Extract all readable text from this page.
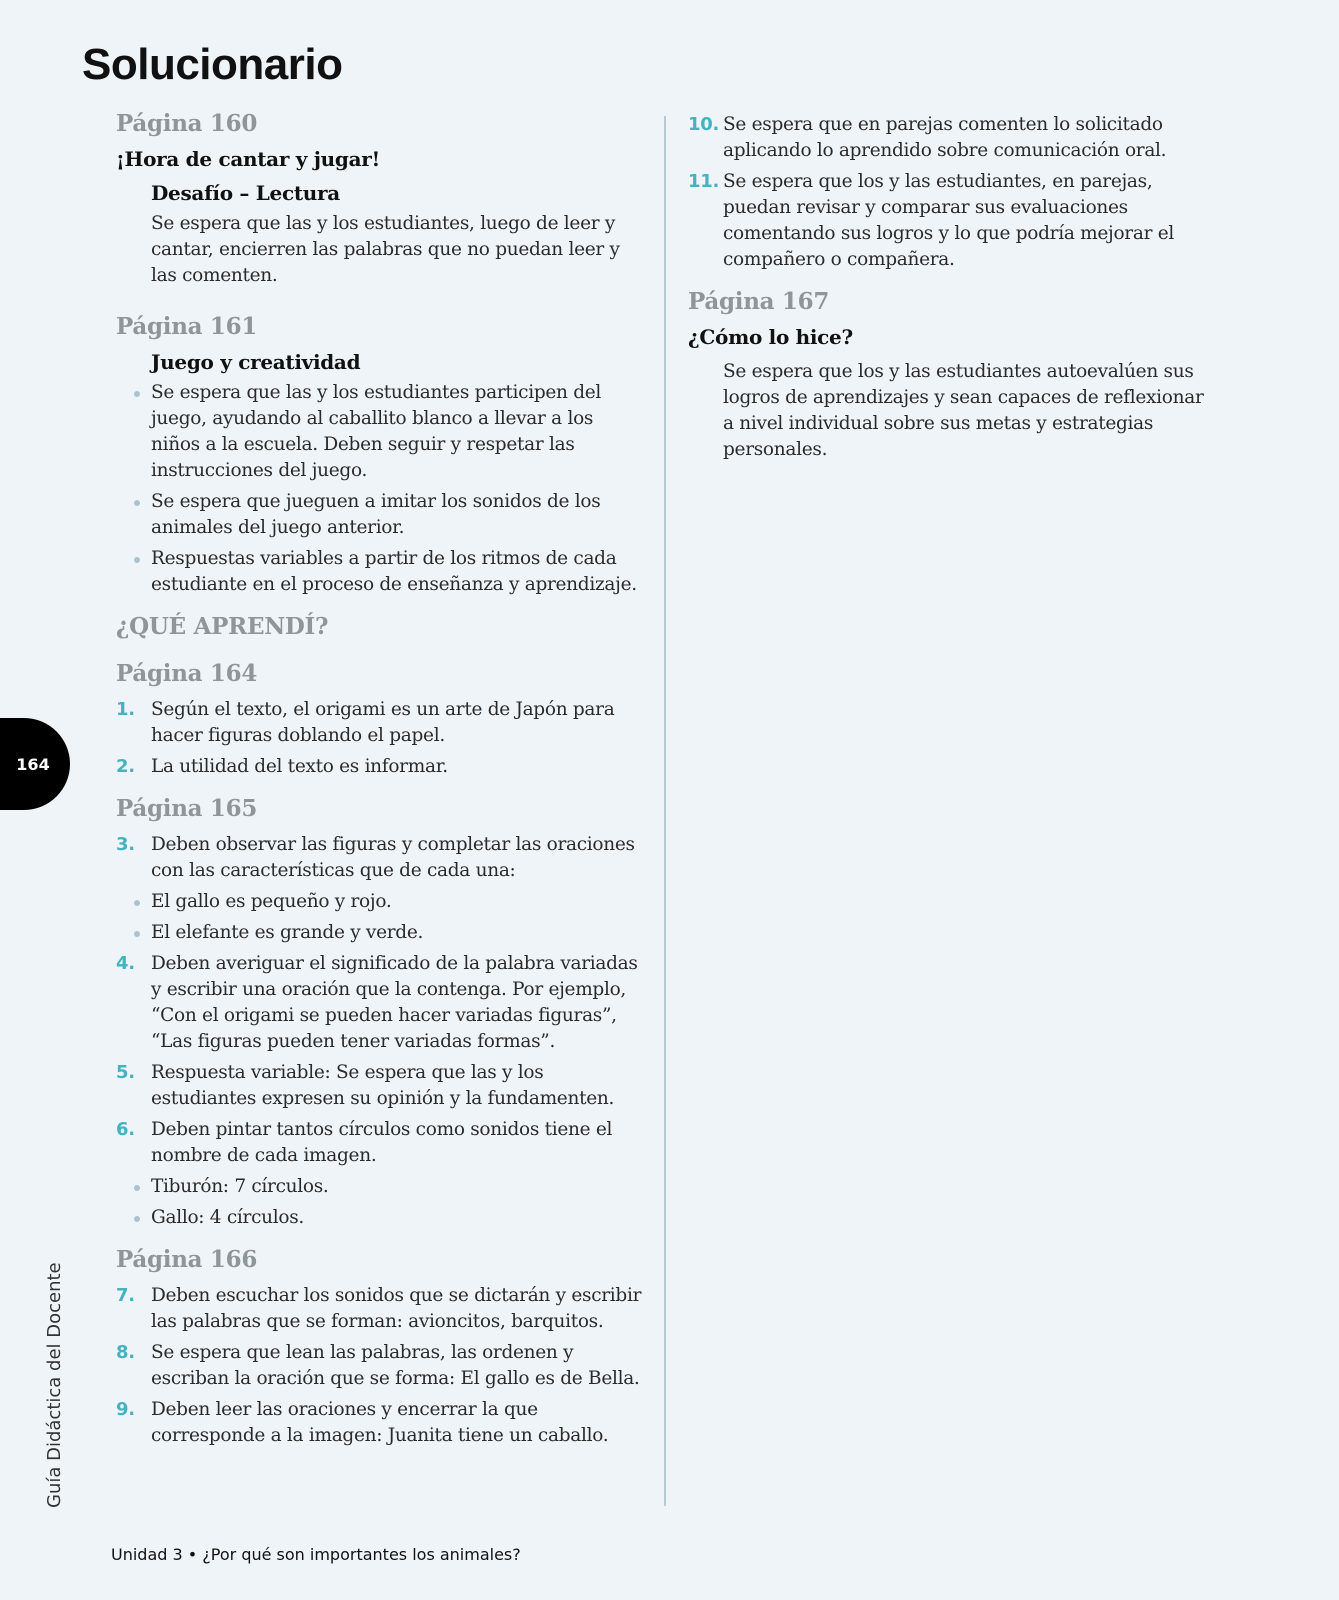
Solucionario
Página 160
¡Hora de cantar y jugar!
Desafío – Lectura

Se espera que las y los estudiantes, luego de leer y cantar, encierren las palabras que no puedan leer y las comenten.

Página 161
Juego y creatividad
Se espera que las y los estudiantes participen del juego, ayudando al caballito blanco a llevar a los niños a la escuela. Deben seguir y respetar las instrucciones del juego.
Se espera que jueguen a imitar los sonidos de los animales del juego anterior.
Respuestas variables a partir de los ritmos de cada estudiante en el proceso de enseñanza y aprendizaje.
¿QUÉ APRENDÍ?
Página 164
1. Según el texto, el origami es un arte de Japón para hacer figuras doblando el papel.
2. La utilidad del texto es informar.
Página 165
3. Deben observar las figuras y completar las oraciones con las características que de cada una:
El gallo es pequeño y rojo.
El elefante es grande y verde.
4. Deben averiguar el significado de la palabra variadas y escribir una oración que la contenga. Por ejemplo, “Con el origami se pueden hacer variadas figuras”, “Las figuras pueden tener variadas formas”.
5. Respuesta variable: Se espera que las y los estudiantes expresen su opinión y la fundamenten.
6. Deben pintar tantos círculos como sonidos tiene el nombre de cada imagen.
Tiburón: 7 círculos.
Gallo: 4 círculos.
Página 166
7. Deben escuchar los sonidos que se dictarán y escribir las palabras que se forman: avioncitos, barquitos.
8. Se espera que lean las palabras, las ordenen y escriban la oración que se forma: El gallo es de Bella.
9. Deben leer las oraciones y encerrar la que corresponde a la imagen: Juanita tiene un caballo.
10. Se espera que en parejas comenten lo solicitado aplicando lo aprendido sobre comunicación oral.
11. Se espera que los y las estudiantes, en parejas, puedan revisar y comparar sus evaluaciones comentando sus logros y lo que podría mejorar el compañero o compañera.
Página 167
¿Cómo lo hice?

Se espera que los y las estudiantes autoevalúen sus logros de aprendizajes y sean capaces de reflexionar a nivel individual sobre sus metas y estrategias personales.

164
Guía Didáctica del Docente
Unidad 3 • ¿Por qué son importantes los animales?
